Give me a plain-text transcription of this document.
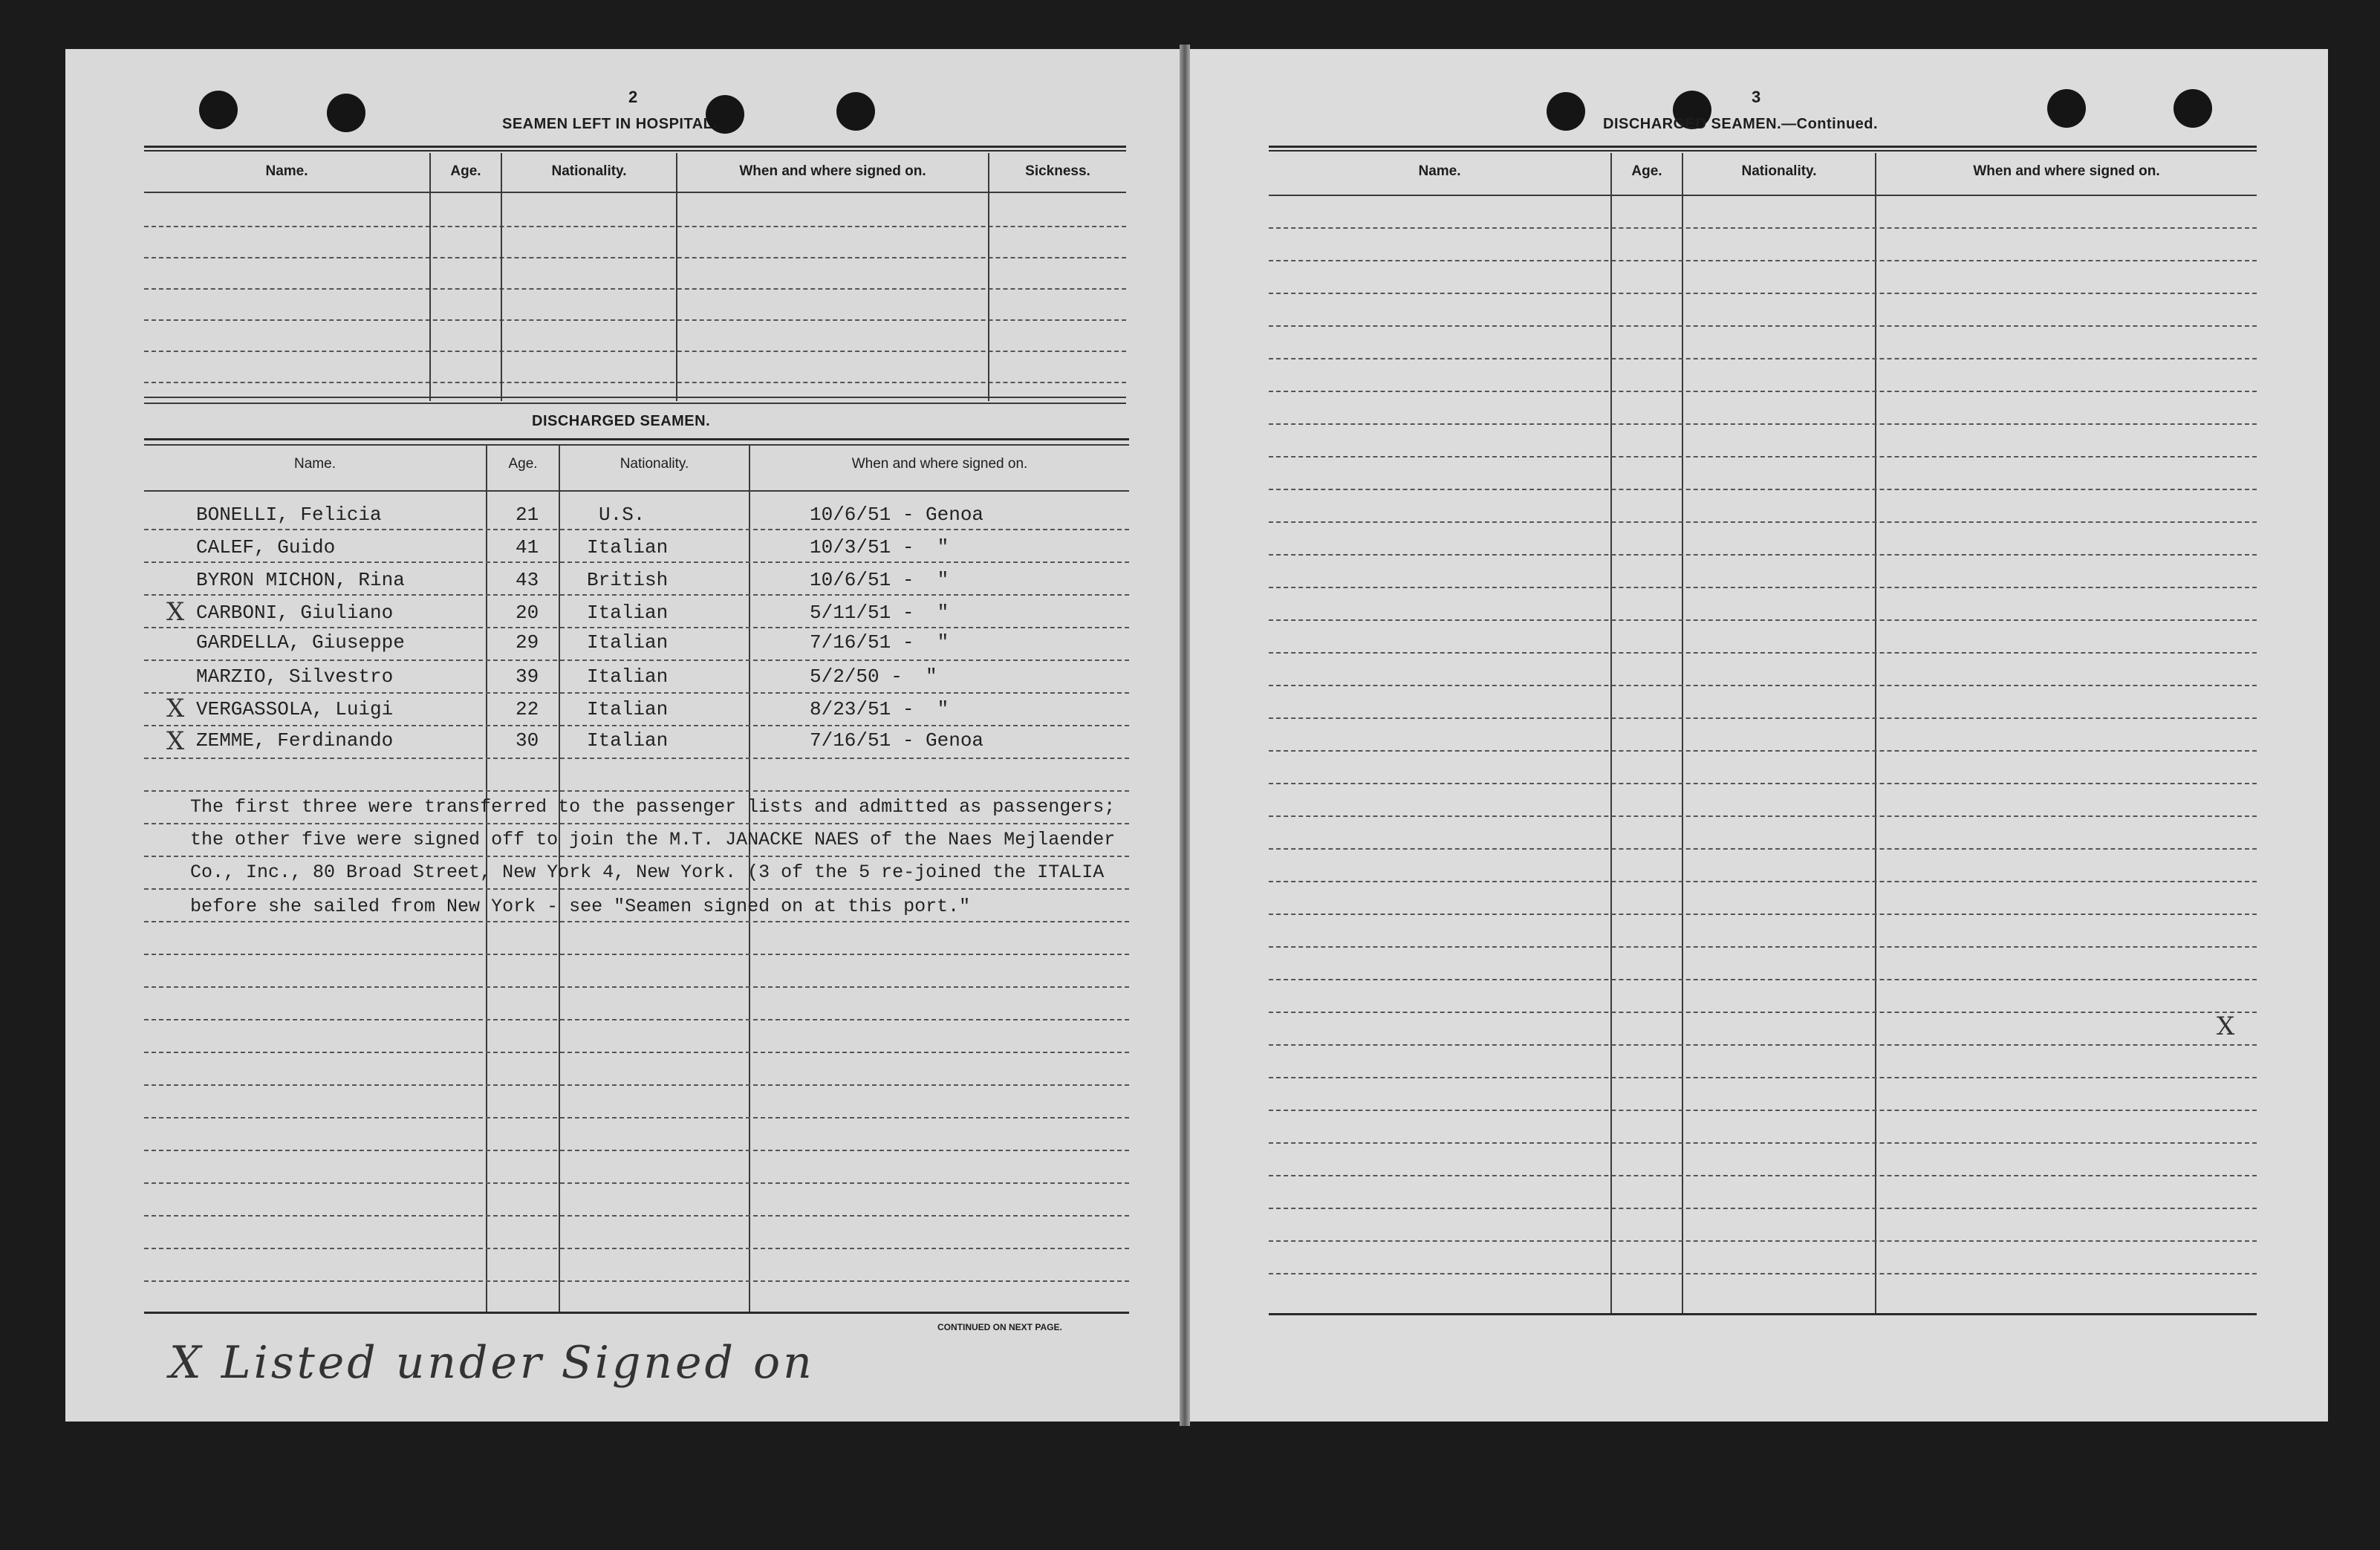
2
SEAMEN LEFT IN HOSPITAL.
Name.	Age.	Nationality.	When and where signed on.	Sickness.
DISCHARGED SEAMEN.
Name.	Age.	Nationality.	When and where signed on.
BONELLI, Felicia	21	U.S.	10/6/51 - Genoa
CALEF, Guido	41 Italian	10/3/51 -  "
BYRON MICHON, Rina	43 British	10/6/51 -  "
X CARBONI, Giuliano	20 Italian	5/11/51 -  "
GARDELLA, Giuseppe	29 Italian	7/16/51 -  "
MARZIO, Silvestro	39 Italian	5/2/50 -  "
X VERGASSOLA, Luigi	22 Italian	8/23/51 -  "
X ZEMME, Ferdinando	30 Italian	7/16/51 - Genoa
The first three were transferred to the passenger lists and admitted as passengers;
the other five were signed off to join the M.T. JANACKE NAES of the Naes Mejlaender
Co., Inc., 80 Broad Street, New York 4, New York. (3 of the 5 re-joined the ITALIA
before she sailed from New York - see "Seamen signed on at this port."
CONTINUED ON NEXT PAGE.
X Listed under Signed on
3
DISCHARGED SEAMEN.—Continued.
Name.	Age.	Nationality.	When and where signed on.
X
